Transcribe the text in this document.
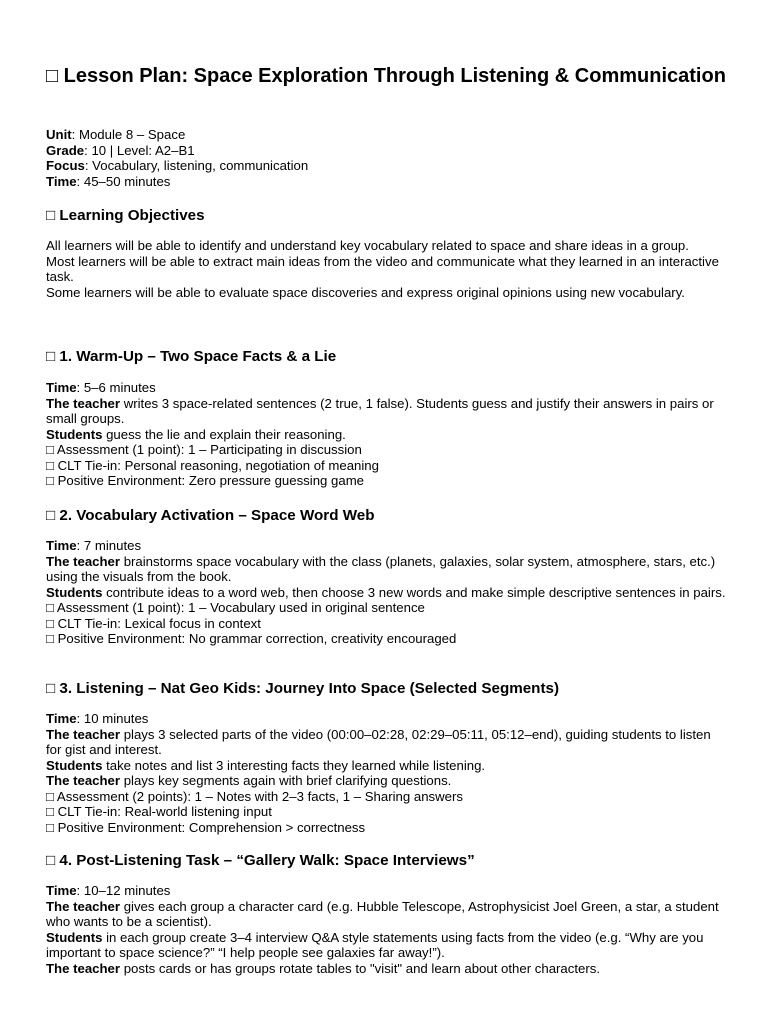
□ Lesson Plan: Space Exploration Through Listening & Communication
Unit: Module 8 – Space
Grade: 10 | Level: A2–B1
Focus: Vocabulary, listening, communication
Time: 45–50 minutes
□ Learning Objectives
All learners will be able to identify and understand key vocabulary related to space and share ideas in a group.
Most learners will be able to extract main ideas from the video and communicate what they learned in an interactive task.
Some learners will be able to evaluate space discoveries and express original opinions using new vocabulary.
□ 1. Warm-Up – Two Space Facts & a Lie
Time: 5–6 minutes
The teacher writes 3 space-related sentences (2 true, 1 false). Students guess and justify their answers in pairs or small groups.
Students guess the lie and explain their reasoning.
□ Assessment (1 point): 1 – Participating in discussion
□ CLT Tie-in: Personal reasoning, negotiation of meaning
□ Positive Environment: Zero pressure guessing game
□ 2. Vocabulary Activation – Space Word Web
Time: 7 minutes
The teacher brainstorms space vocabulary with the class (planets, galaxies, solar system, atmosphere, stars, etc.) using the visuals from the book.
Students contribute ideas to a word web, then choose 3 new words and make simple descriptive sentences in pairs.
□ Assessment (1 point): 1 – Vocabulary used in original sentence
□ CLT Tie-in: Lexical focus in context
□ Positive Environment: No grammar correction, creativity encouraged
□ 3. Listening – Nat Geo Kids: Journey Into Space (Selected Segments)
Time: 10 minutes
The teacher plays 3 selected parts of the video (00:00–02:28, 02:29–05:11, 05:12–end), guiding students to listen for gist and interest.
Students take notes and list 3 interesting facts they learned while listening.
The teacher plays key segments again with brief clarifying questions.
□ Assessment (2 points): 1 – Notes with 2–3 facts, 1 – Sharing answers
□ CLT Tie-in: Real-world listening input
□ Positive Environment: Comprehension > correctness
□ 4. Post-Listening Task – “Gallery Walk: Space Interviews”
Time: 10–12 minutes
The teacher gives each group a character card (e.g. Hubble Telescope, Astrophysicist Joel Green, a star, a student who wants to be a scientist).
Students in each group create 3–4 interview Q&A style statements using facts from the video (e.g. “Why are you important to space science?” “I help people see galaxies far away!”).
The teacher posts cards or has groups rotate tables to "visit" and learn about other characters.
